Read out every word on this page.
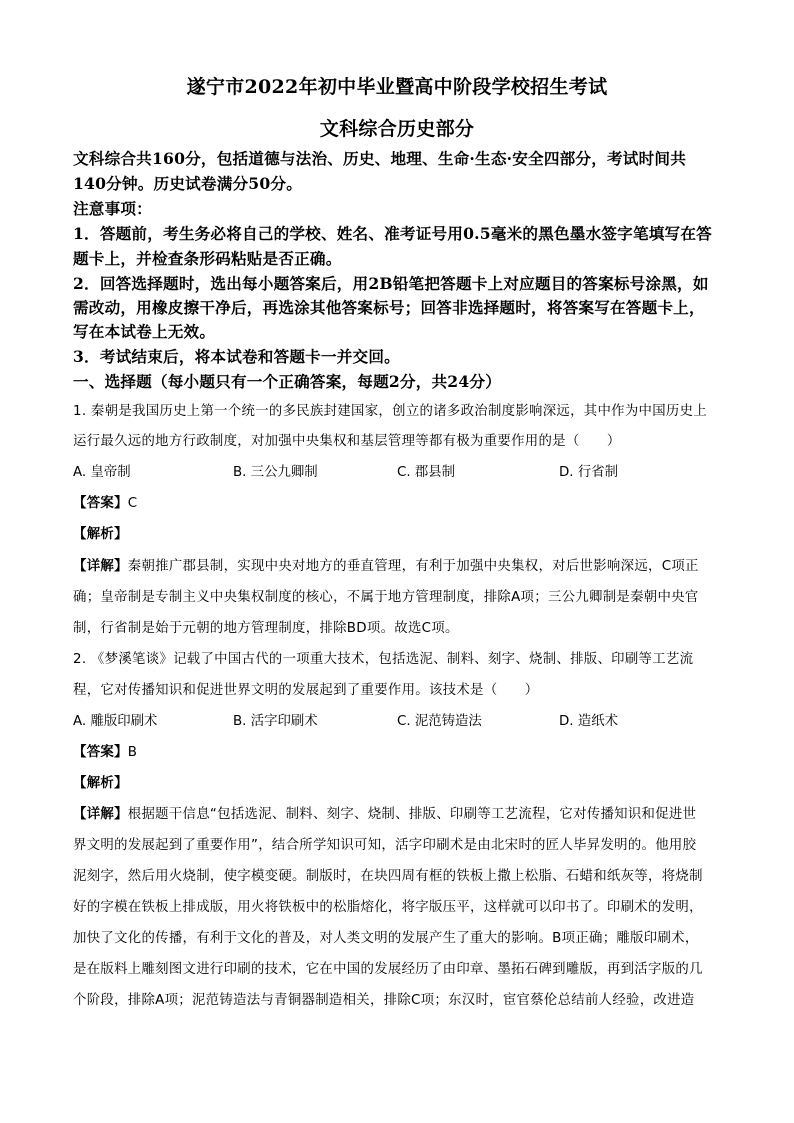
遂宁市2022年初中毕业暨高中阶段学校招生考试
文科综合历史部分
文科综合共160分，包括道德与法治、历史、地理、生命·生态·安全四部分，考试时间共
140分钟。历史试卷满分50分。
注意事项：
1．答题前，考生务必将自己的学校、姓名、准考证号用0.5毫米的黑色墨水签字笔填写在答
题卡上，并检查条形码粘贴是否正确。
2．回答选择题时，选出每小题答案后，用2B铅笔把答题卡上对应题目的答案标号涂黑，如
需改动，用橡皮擦干净后，再选涂其他答案标号；回答非选择题时，将答案写在答题卡上，
写在本试卷上无效。
3．考试结束后，将本试卷和答题卡一并交回。
一、选择题（每小题只有一个正确答案，每题2分，共24分）
1. 秦朝是我国历史上第一个统一的多民族封建国家，创立的诸多政治制度影响深远，其中作为中国历史上
运行最久远的地方行政制度，对加强中央集权和基层管理等都有极为重要作用的是（　　）
A. 皇帝制	B. 三公九卿制	C. 郡县制	D. 行省制
【答案】C
【解析】
【详解】秦朝推广郡县制，实现中央对地方的垂直管理，有利于加强中央集权，对后世影响深远，C项正
确；皇帝制是专制主义中央集权制度的核心，不属于地方管理制度，排除A项；三公九卿制是秦朝中央官
制，行省制是始于元朝的地方管理制度，排除BD项。故选C项。
2. 《梦溪笔谈》记载了中国古代的一项重大技术，包括选泥、制料、刻字、烧制、排版、印刷等工艺流
程，它对传播知识和促进世界文明的发展起到了重要作用。该技术是（　　）
A. 雕版印刷术	B. 活字印刷术	C. 泥范铸造法	D. 造纸术
【答案】B
【解析】
【详解】根据题干信息“包括选泥、制料、刻字、烧制、排版、印刷等工艺流程，它对传播知识和促进世
界文明的发展起到了重要作用”，结合所学知识可知，活字印刷术是由北宋时的匠人毕昇发明的。他用胶
泥刻字，然后用火烧制，使字模变硬。制版时，在块四周有框的铁板上撒上松脂、石蜡和纸灰等，将烧制
好的字模在铁板上排成版，用火将铁板中的松脂熔化，将字版压平，这样就可以印书了。印刷术的发明，
加快了文化的传播，有利于文化的普及，对人类文明的发展产生了重大的影响。B项正确；雕版印刷术，
是在版料上雕刻图文进行印刷的技术，它在中国的发展经历了由印章、墨拓石碑到雕版，再到活字版的几
个阶段，排除A项；泥范铸造法与青铜器制造相关，排除C项；东汉时，宦官蔡伦总结前人经验，改进造
